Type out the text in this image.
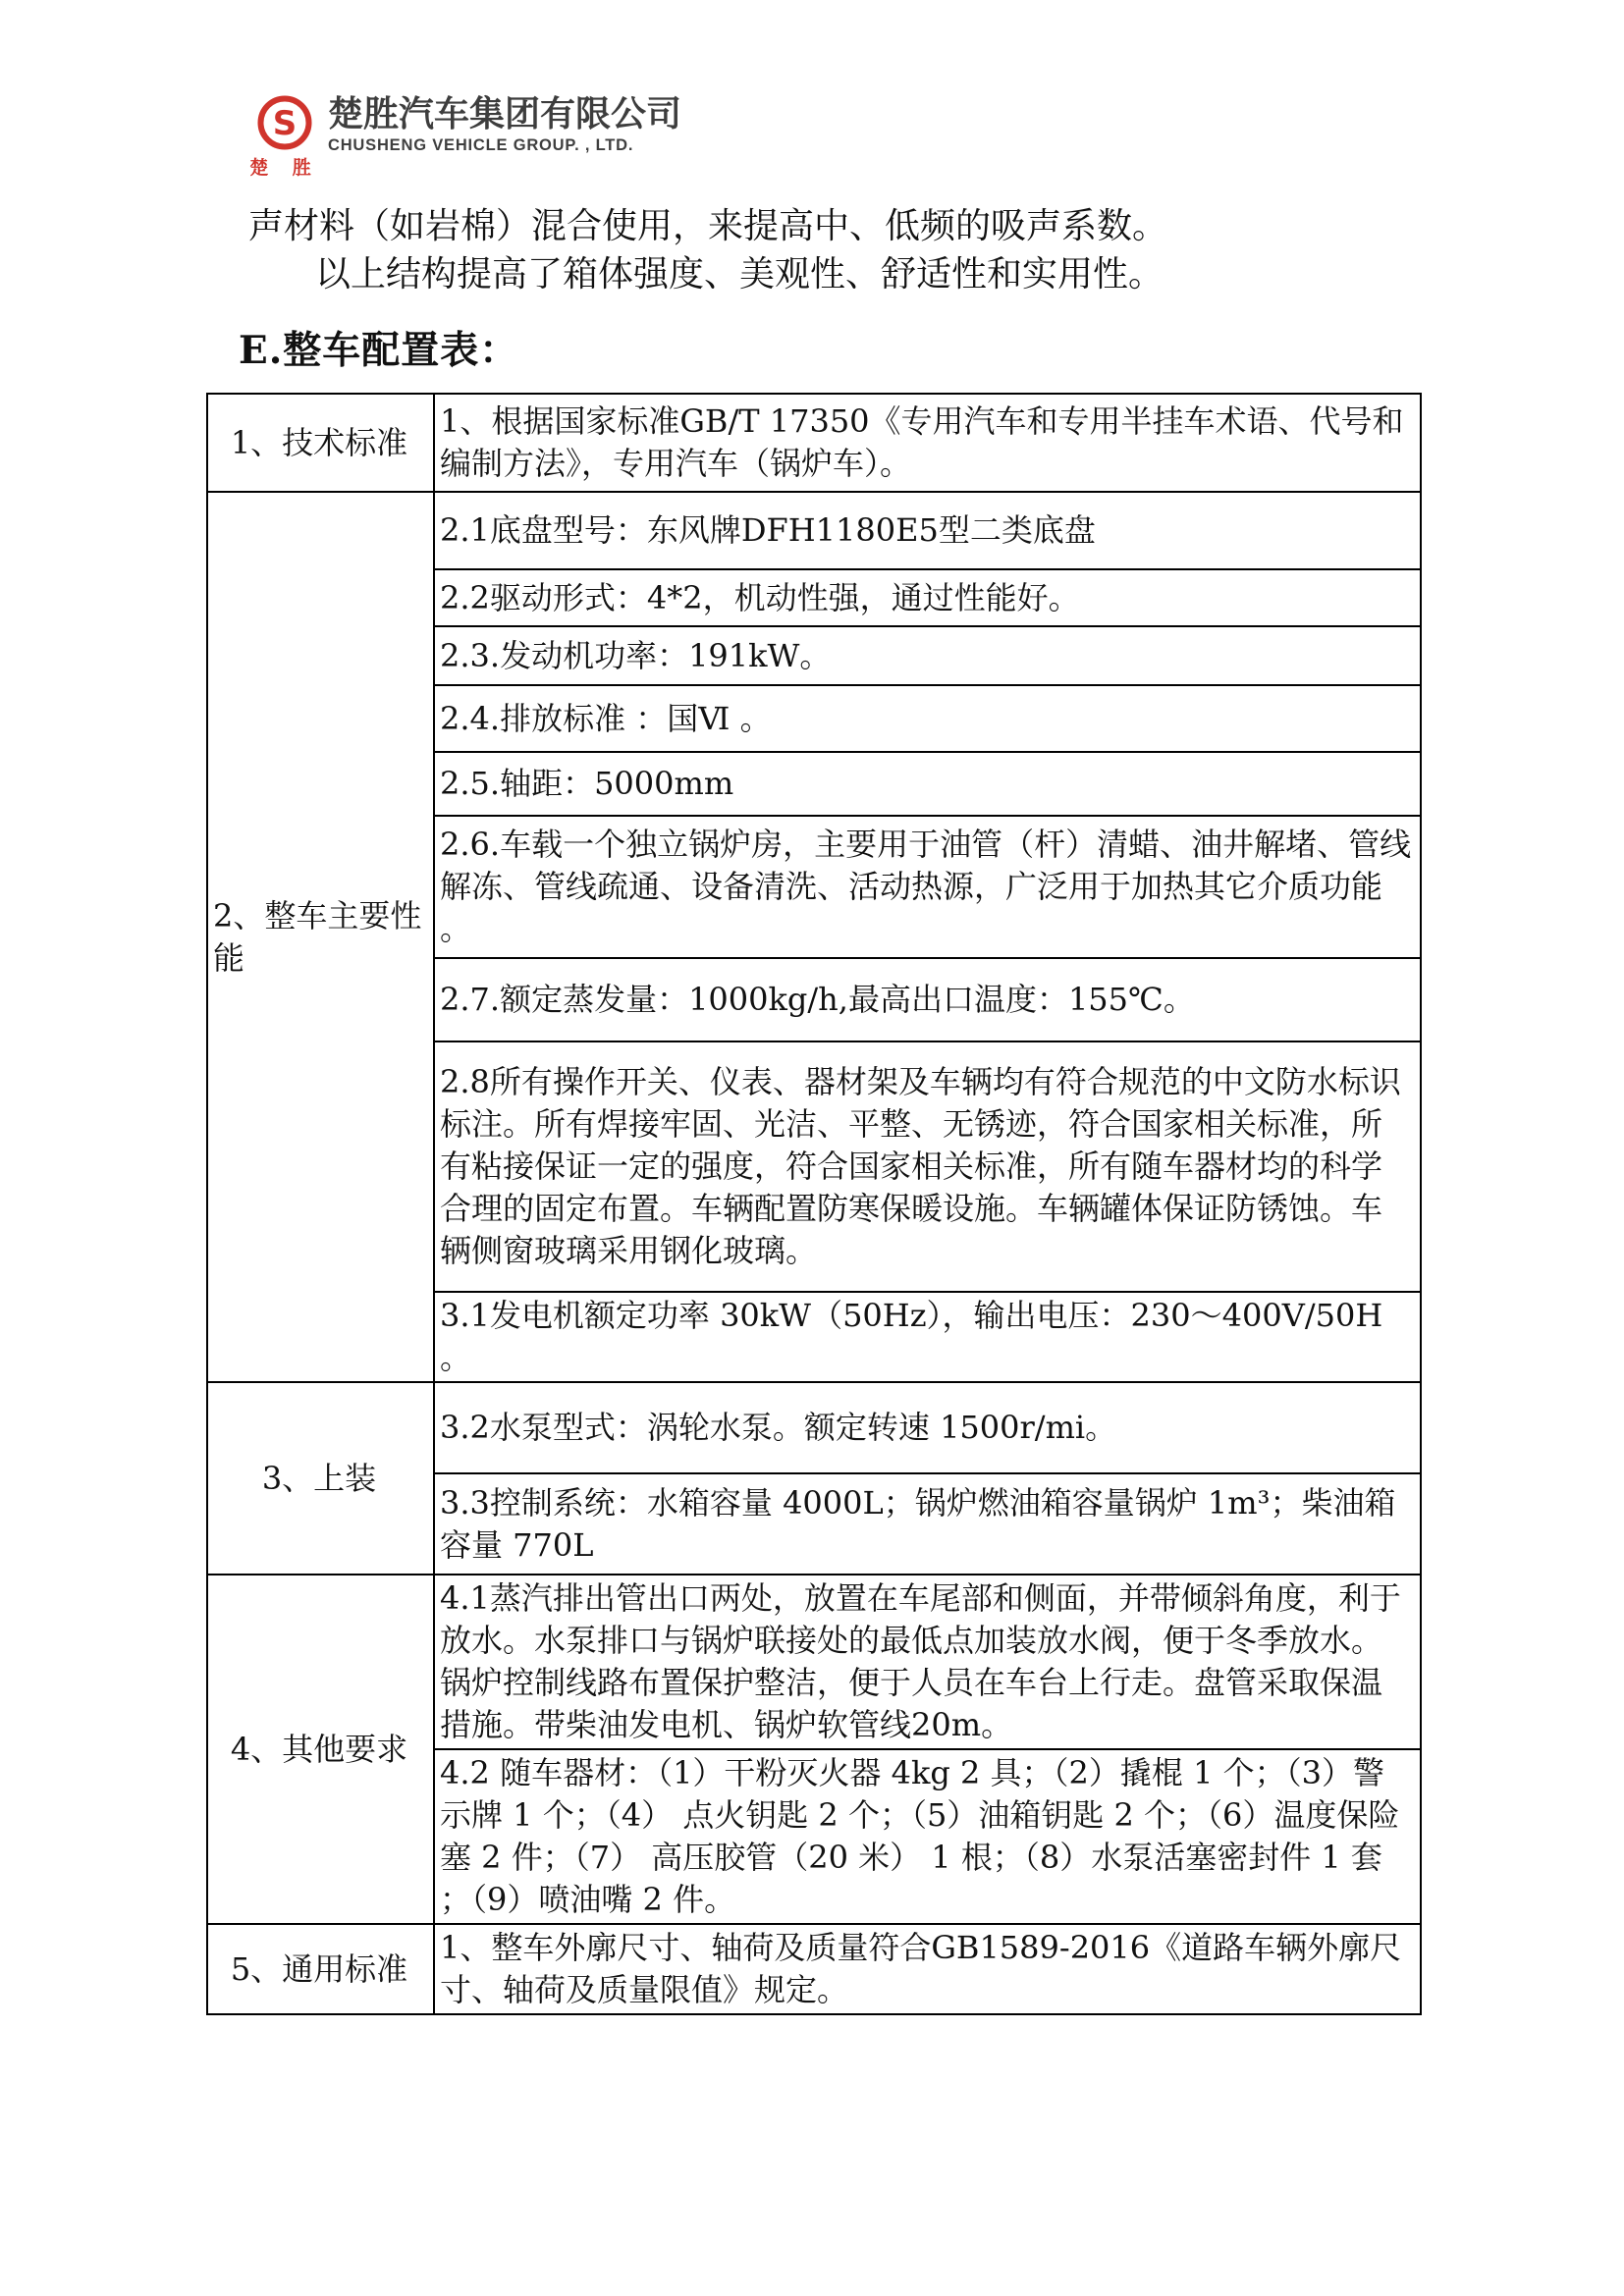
S
楚 胜
楚胜汽车集团有限公司
CHUSHENG VEHICLE GROUP. , LTD.
声材料（如岩棉）混合使用，来提高中、低频的吸声系数。
以上结构提高了箱体强度、美观性、舒适性和实用性。
E.整车配置表：
1、技术标准	1、根据国家标准GB/T 17350《专用汽车和专用半挂车术语、代号和编制方法》，专用汽车（锅炉车）。
2、整车主要性能	2.1底盘型号：东风牌DFH1180E5型二类底盘
	2.2驱动形式：4*2，机动性强，通过性能好。
	2.3.发动机功率：191kW。
	2.4.排放标准 ：国Ⅵ 。
	2.5.轴距：5000mm
	2.6.车载一个独立锅炉房，主要用于油管（杆）清蜡、油井解堵、管线解冻、管线疏通、设备清洗、活动热源，广泛用于加热其它介质功能。
	2.7.额定蒸发量：1000kg/h,最高出口温度：155℃。
	2.8所有操作开关、仪表、器材架及车辆均有符合规范的中文防水标识标注。所有焊接牢固、光洁、平整、无锈迹，符合国家相关标准，所有粘接保证一定的强度，符合国家相关标准，所有随车器材均的科学合理的固定布置。车辆配置防寒保暖设施。车辆罐体保证防锈蚀。车辆侧窗玻璃采用钢化玻璃。
	3.1发电机额定功率 30kW（50Hz），输出电压：230～400V/50H。
3、上装	3.2水泵型式：涡轮水泵。额定转速 1500r/mi。
	3.3控制系统：水箱容量 4000L；锅炉燃油箱容量锅炉 1m³；柴油箱容量 770L
4、其他要求	4.1蒸汽排出管出口两处，放置在车尾部和侧面，并带倾斜角度，利于放水。水泵排口与锅炉联接处的最低点加装放水阀，便于冬季放水。锅炉控制线路布置保护整洁，便于人员在车台上行走。盘管采取保温措施。带柴油发电机、锅炉软管线20m。
	4.2 随车器材：（1）干粉灭火器 4kg 2 具；（2）撬棍 1 个；（3）警示牌 1 个；（4） 点火钥匙 2 个；（5）油箱钥匙 2 个；（6）温度保险塞 2 件；（7） 高压胶管（20 米） 1 根；（8）水泵活塞密封件 1 套；（9）喷油嘴 2 件。
5、通用标准	1、整车外廓尺寸、轴荷及质量符合GB1589-2016《道路车辆外廓尺寸、轴荷及质量限值》规定。
